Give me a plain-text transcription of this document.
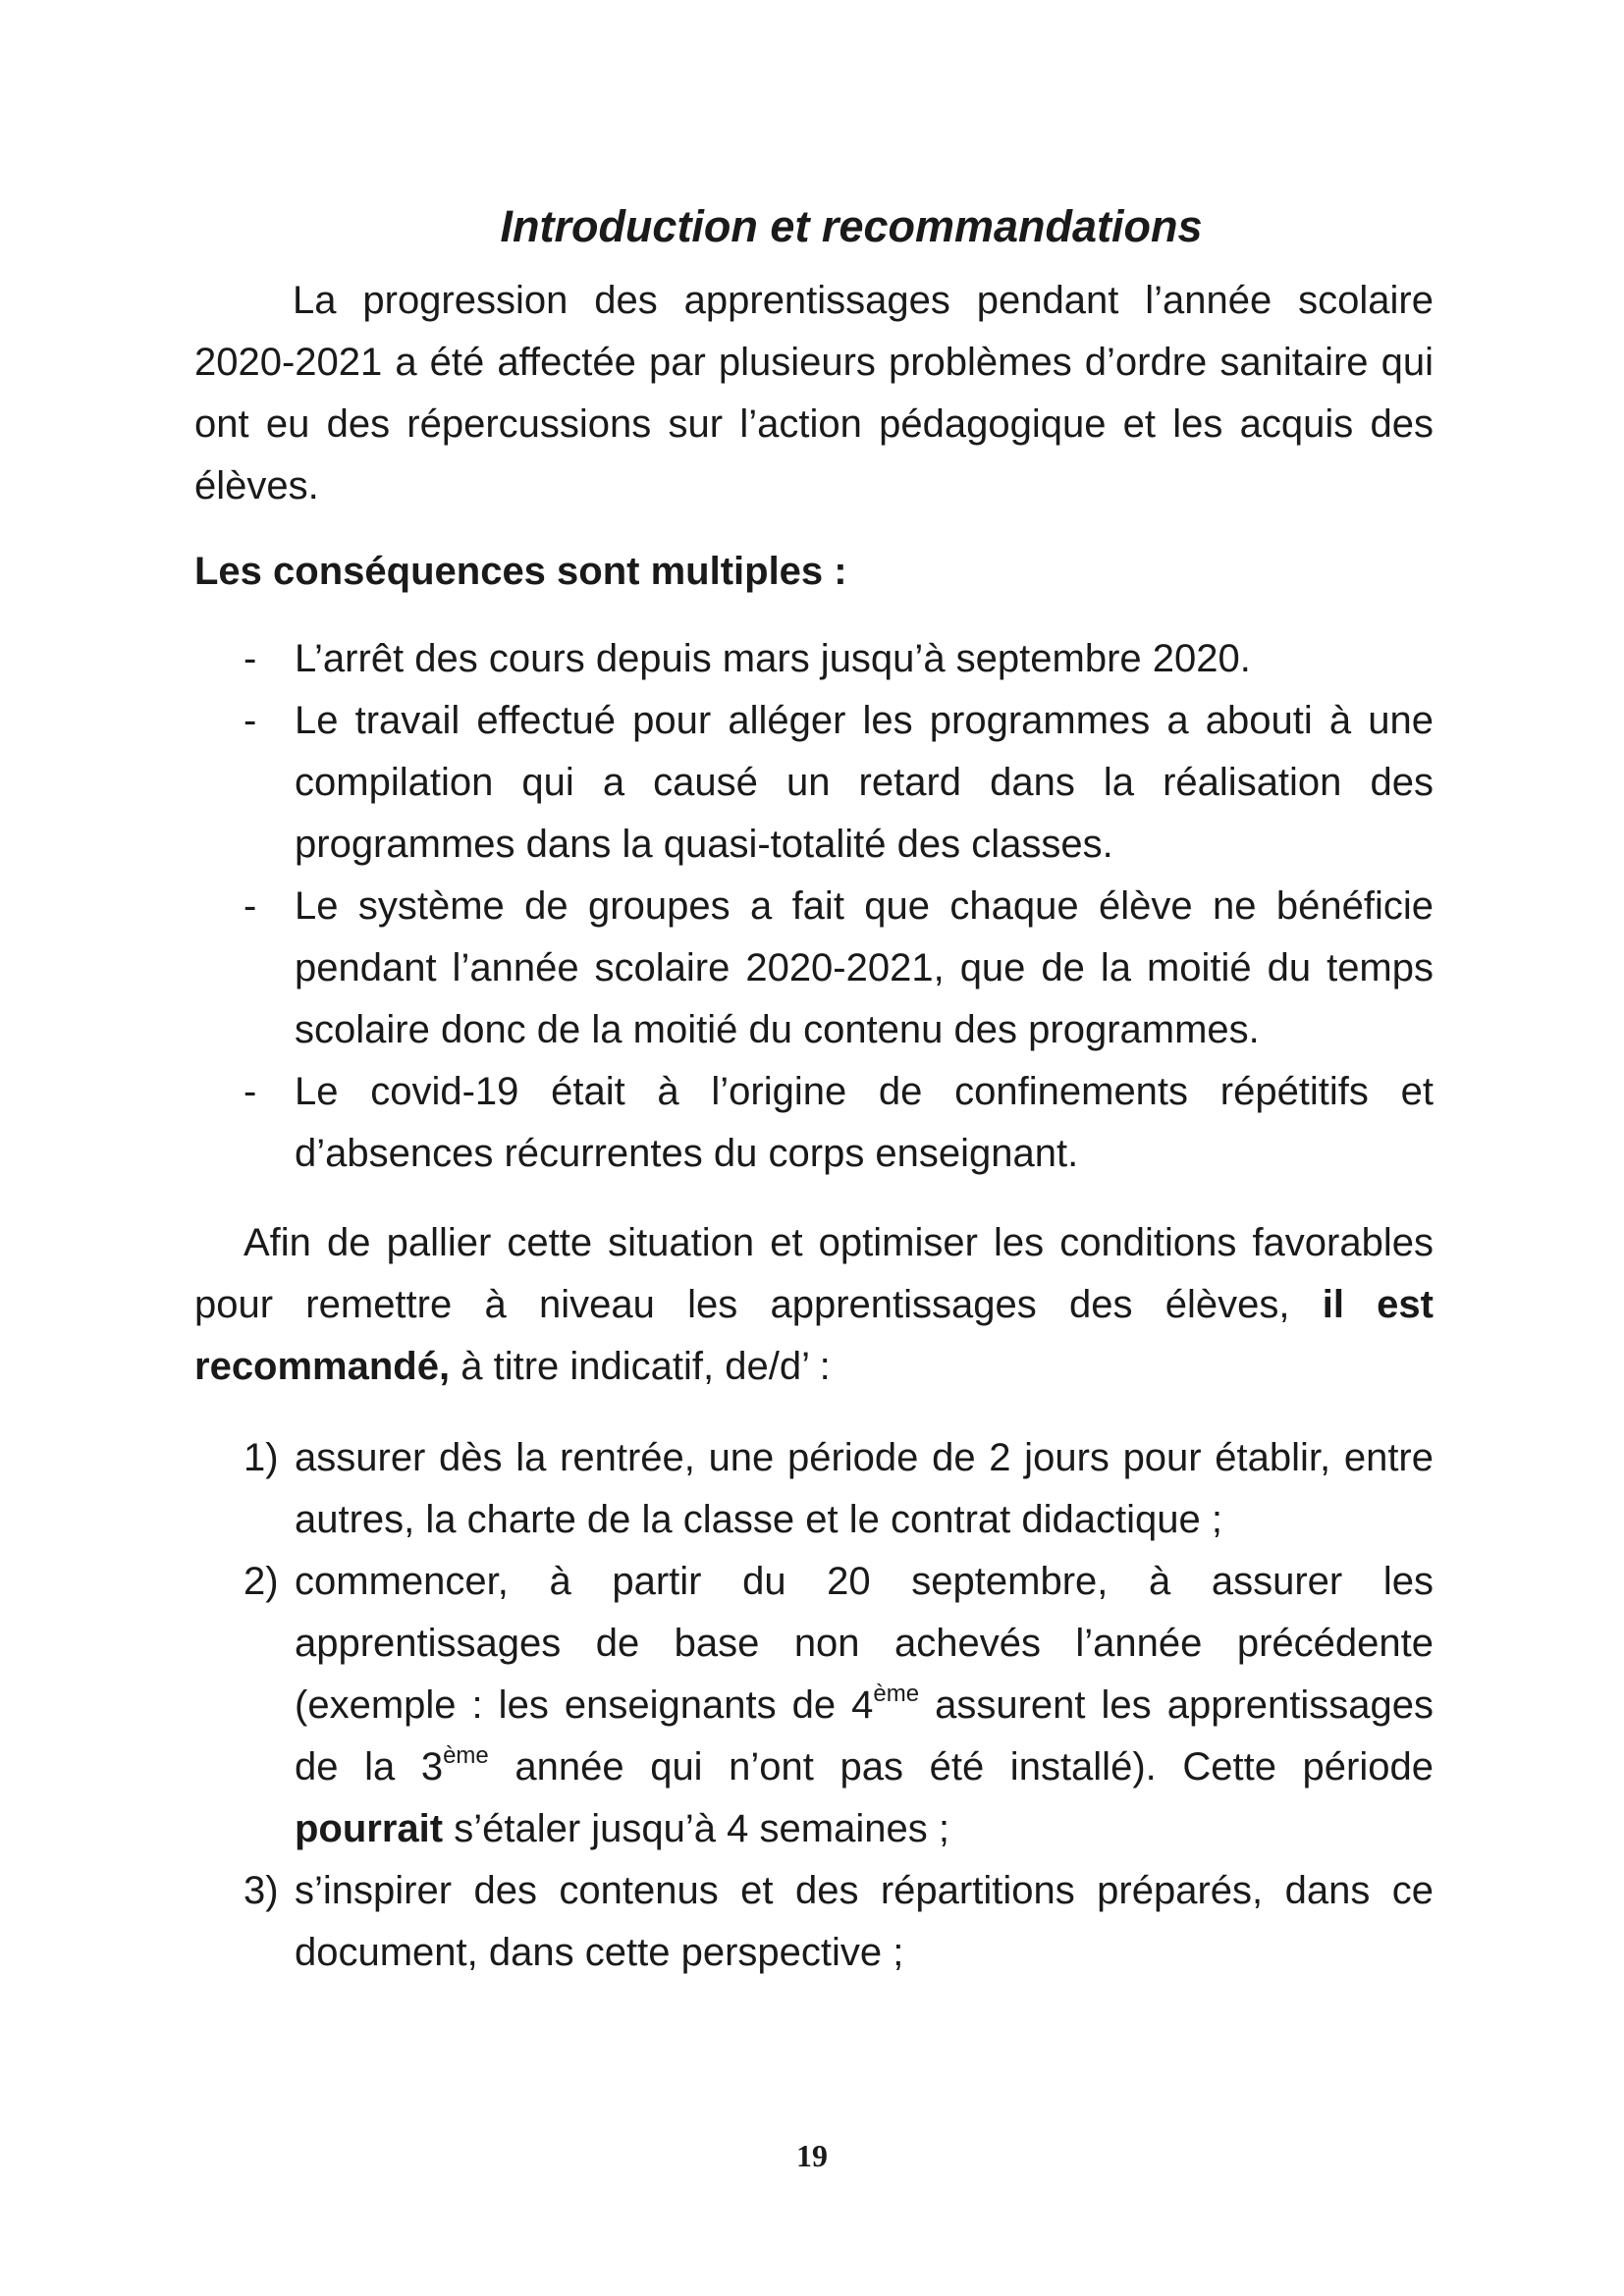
Introduction et recommandations

La progression des apprentissages pendant l’année scolaire 2020-2021 a été affectée par plusieurs problèmes d’ordre sanitaire qui ont eu des répercussions sur l’action pédagogique et les acquis des élèves.

Les conséquences sont multiples :

- L’arrêt des cours depuis mars jusqu’à septembre 2020.
- Le travail effectué pour alléger les programmes a abouti à une compilation qui a causé un retard dans la réalisation des programmes dans la quasi-totalité des classes.
- Le système de groupes a fait que chaque élève ne bénéficie pendant l’année scolaire 2020-2021, que de la moitié du temps scolaire donc de la moitié du contenu des programmes.
- Le covid-19 était à l’origine de confinements répétitifs et d’absences récurrentes du corps enseignant.

Afin de pallier cette situation et optimiser les conditions favorables pour remettre à niveau les apprentissages des élèves, il est recommandé, à titre indicatif, de/d’ :

1) assurer dès la rentrée, une période de 2 jours pour établir, entre autres, la charte de la classe et le contrat didactique ;
2) commencer, à partir du 20 septembre, à assurer les apprentissages de base non achevés l’année précédente (exemple : les enseignants de 4ème assurent les apprentissages de la 3ème année qui n’ont pas été installé). Cette période pourrait s’étaler jusqu’à 4 semaines ;
3) s’inspirer des contenus et des répartitions préparés, dans ce document, dans cette perspective ;
19
